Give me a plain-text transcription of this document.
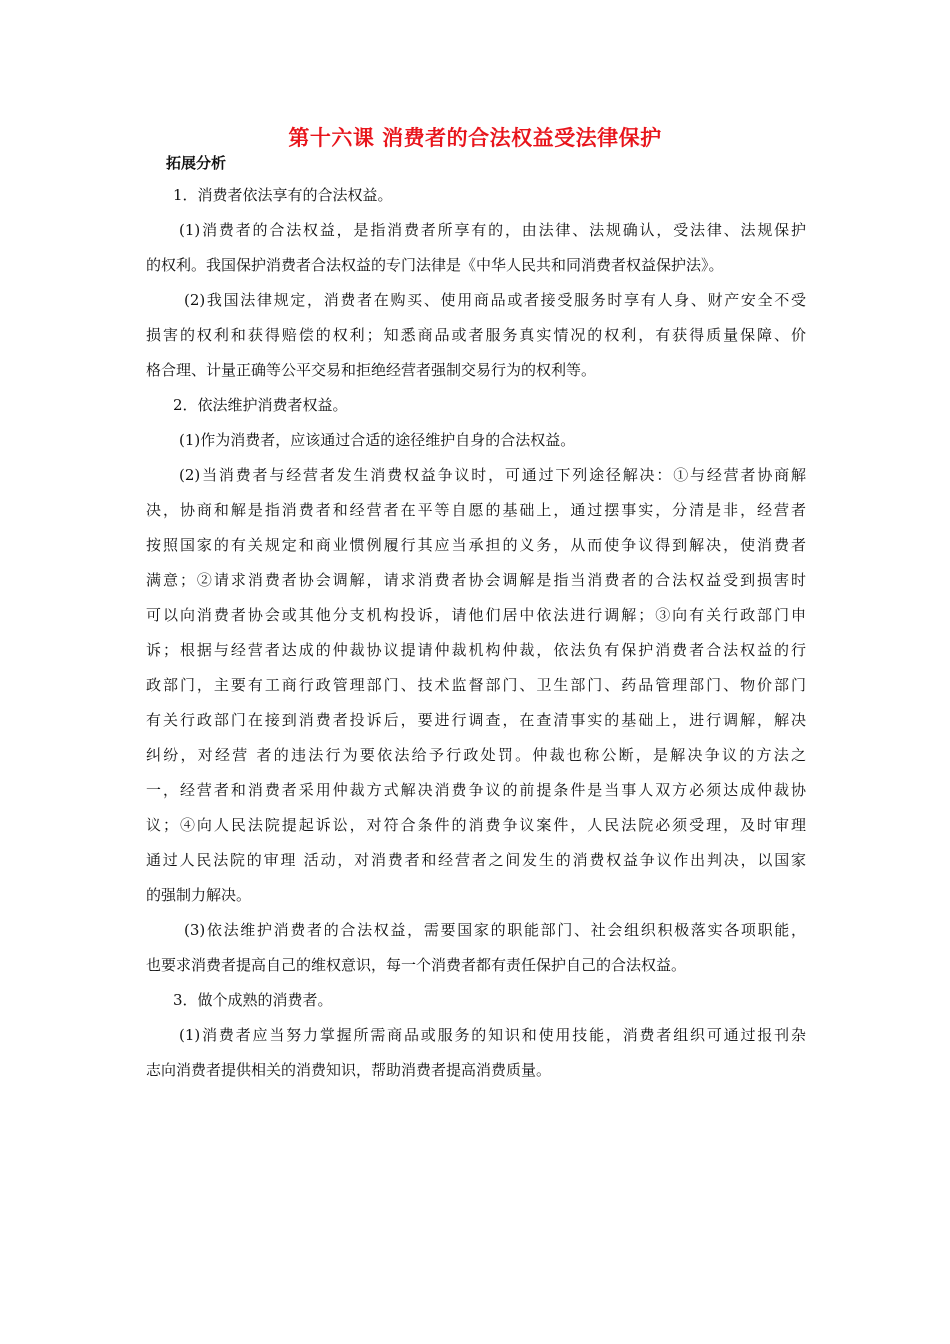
第十六课 消费者的合法权益受法律保护
拓展分析
1．消费者依法享有的合法权益。
(1)消费者的合法权益，是指消费者所享有的，由法律、法规确认，受法律、法规保护
的权利。我国保护消费者合法权益的专门法律是《中华人民共和同消费者权益保护法》。
(2)我国法律规定，消费者在购买、使用商品或者接受服务时享有人身、财产安全不受
损害的权利和获得赔偿的权利；知悉商品或者服务真实情况的权利，有获得质量保障、价
格合理、计量正确等公平交易和拒绝经营者强制交易行为的权利等。
2．依法维护消费者权益。
(1)作为消费者，应该通过合适的途径维护自身的合法权益。
(2)当消费者与经营者发生消费权益争议时，可通过下列途径解决：①与经营者协商解
决，协商和解是指消费者和经营者在平等自愿的基础上，通过摆事实，分清是非，经营者
按照国家的有关规定和商业惯例履行其应当承担的义务，从而使争议得到解决，使消费者
满意；②请求消费者协会调解，请求消费者协会调解是指当消费者的合法权益受到损害时
可以向消费者协会或其他分支机构投诉，请他们居中依法进行调解；③向有关行政部门申
诉；根据与经营者达成的仲裁协议提请仲裁机构仲裁，依法负有保护消费者合法权益的行
政部门，主要有工商行政管理部门、技术监督部门、卫生部门、药品管理部门、物价部门
有关行政部门在接到消费者投诉后，要进行调查，在查清事实的基础上，进行调解，解决
纠纷，对经营 者的违法行为要依法给予行政处罚。仲裁也称公断，是解决争议的方法之
一，经营者和消费者采用仲裁方式解决消费争议的前提条件是当事人双方必须达成仲裁协
议；④向人民法院提起诉讼，对符合条件的消费争议案件，人民法院必须受理，及时审理
通过人民法院的审理 活动，对消费者和经营者之间发生的消费权益争议作出判决，以国家
的强制力解决。
(3)依法维护消费者的合法权益，需要国家的职能部门、社会组织积极落实各项职能，
也要求消费者提高自己的维权意识，每一个消费者都有责任保护自己的合法权益。
3．做个成熟的消费者。
(1)消费者应当努力掌握所需商品或服务的知识和使用技能，消费者组织可通过报刊杂
志向消费者提供相关的消费知识，帮助消费者提高消费质量。
